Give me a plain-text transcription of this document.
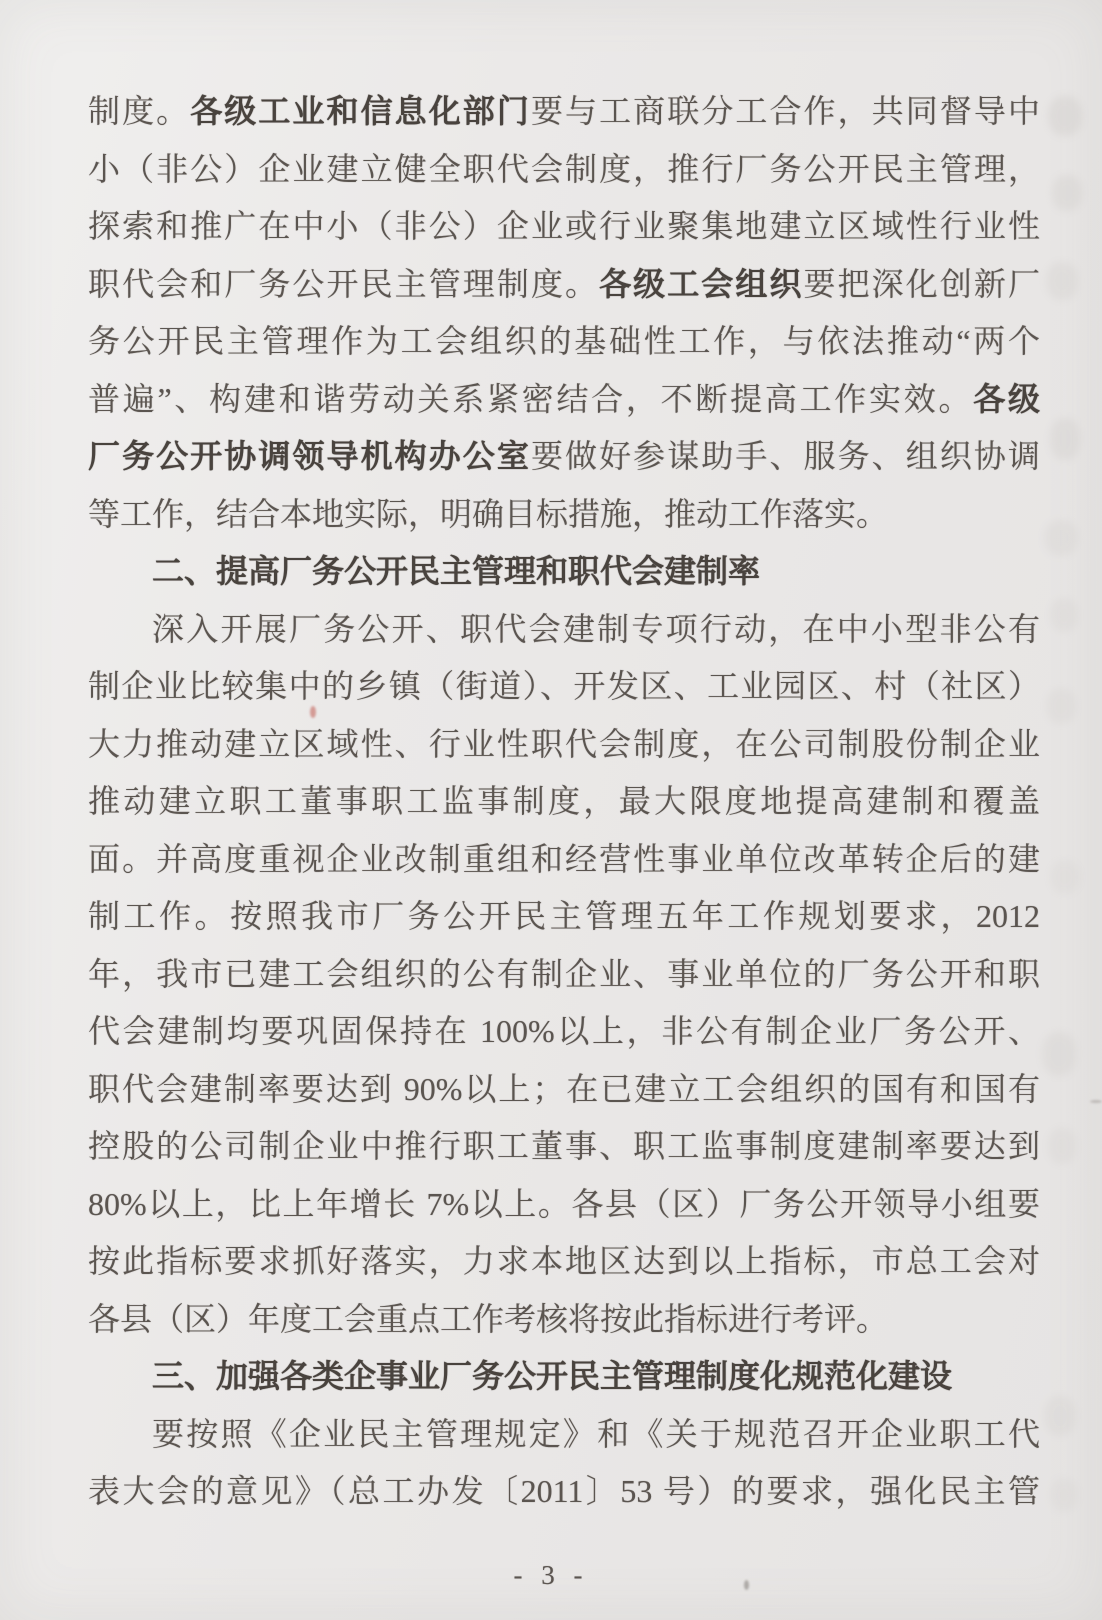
制度。各级工业和信息化部门要与工商联分工合作，共同督导中
小（非公）企业建立健全职代会制度，推行厂务公开民主管理，
探索和推广在中小（非公）企业或行业聚集地建立区域性行业性
职代会和厂务公开民主管理制度。各级工会组织要把深化创新厂
务公开民主管理作为工会组织的基础性工作，与依法推动“两个
普遍”、构建和谐劳动关系紧密结合，不断提高工作实效。各级
厂务公开协调领导机构办公室要做好参谋助手、服务、组织协调
等工作，结合本地实际，明确目标措施，推动工作落实。
二、提高厂务公开民主管理和职代会建制率
深入开展厂务公开、职代会建制专项行动，在中小型非公有
制企业比较集中的乡镇（街道）、开发区、工业园区、村（社区）
大力推动建立区域性、行业性职代会制度，在公司制股份制企业
推动建立职工董事职工监事制度，最大限度地提高建制和覆盖
面。并高度重视企业改制重组和经营性事业单位改革转企后的建
制工作。按照我市厂务公开民主管理五年工作规划要求，2012
年，我市已建工会组织的公有制企业、事业单位的厂务公开和职
代会建制均要巩固保持在 100%以上，非公有制企业厂务公开、
职代会建制率要达到 90%以上；在已建立工会组织的国有和国有
控股的公司制企业中推行职工董事、职工监事制度建制率要达到
80%以上，比上年增长 7%以上。各县（区）厂务公开领导小组要
按此指标要求抓好落实，力求本地区达到以上指标，市总工会对
各县（区）年度工会重点工作考核将按此指标进行考评。
三、加强各类企事业厂务公开民主管理制度化规范化建设
要按照《企业民主管理规定》和《关于规范召开企业职工代
表大会的意见》（总工办发〔2011〕53 号）的要求，强化民主管
- 3 -
